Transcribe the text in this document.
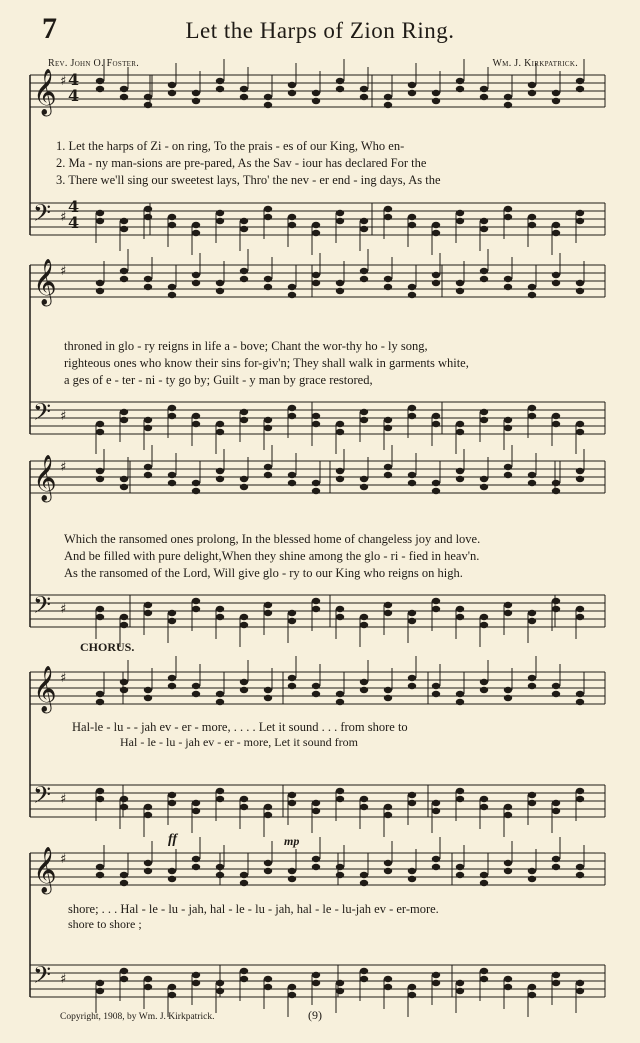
7	Let the Harps of Zion Ring.
Rev. John O. Foster.	Wm. J. Kirkpatrick.
𝄞 ♯
𝄢 ♯
𝄞 ♯
𝄢 ♯
𝄞 ♯
𝄢 ♯
𝄞 ♯
𝄢 ♯
𝄞 ♯
𝄢 ♯
4
4
4
4
1. Let the harps of Zi - on ring, To the prais - es of our King, Who en-
2. Ma - ny man-sions are pre-pared, As the Sav - iour has declared For the
3. There we'll sing our sweetest lays, Thro' the nev - er end - ing days, As the
throned in glo - ry reigns in life a - bove; Chant the wor-thy ho - ly song,
righteous ones who know their sins for-giv'n; They shall walk in garments white,
a ges of e - ter - ni - ty go by; Guilt - y man by grace restored,
Which the ransomed ones prolong, In the blessed home of changeless joy and love.
And be filled with pure delight,When they shine among the glo - ri - fied in heav'n.
As the ransomed of the Lord, Will give glo - ry to our King who reigns on high.
CHORUS.
Hal-le - lu - - jah ev - er - more, . . . . Let it sound . . . from shore to
Hal - le - lu - jah ev - er - more, Let it sound from
shore; . . . Hal - le - lu - jah, hal - le - lu - jah, hal - le - lu-jah ev - er-more.
shore to shore ;
ff	mp
Copyright, 1908, by Wm. J. Kirkpatrick.	(9)
